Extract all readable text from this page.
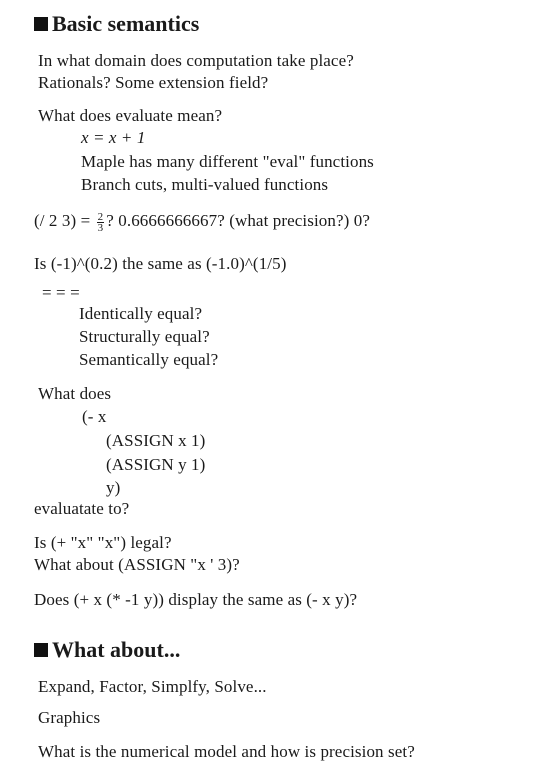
Basic semantics
In what domain does computation take place?
Rationals? Some extension field?
What does evaluate mean?
x = x + 1
Maple has many different "eval" functions
Branch cuts, multi-valued functions
(/ 2 $3) = \frac{2}{3}$ ? 0.6666666667? (what precision?) 0?
Is (-1)^(0.2) the same as (-1.0)^(1/5)
= = =
Identically equal?
Structurally equal?
Semantically equal?
What does
(- x
(ASSIGN x 1)
(ASSIGN y 1)
y)
evaluatate to?
Is (+ "x" "x") legal?
What about (ASSIGN "x ' 3)?
Does (+ x (* -1 y)) display the same as (- x y)?
What about...
Expand, Factor, Simplfy, Solve...
Graphics
What is the numerical model and how is precision set?
